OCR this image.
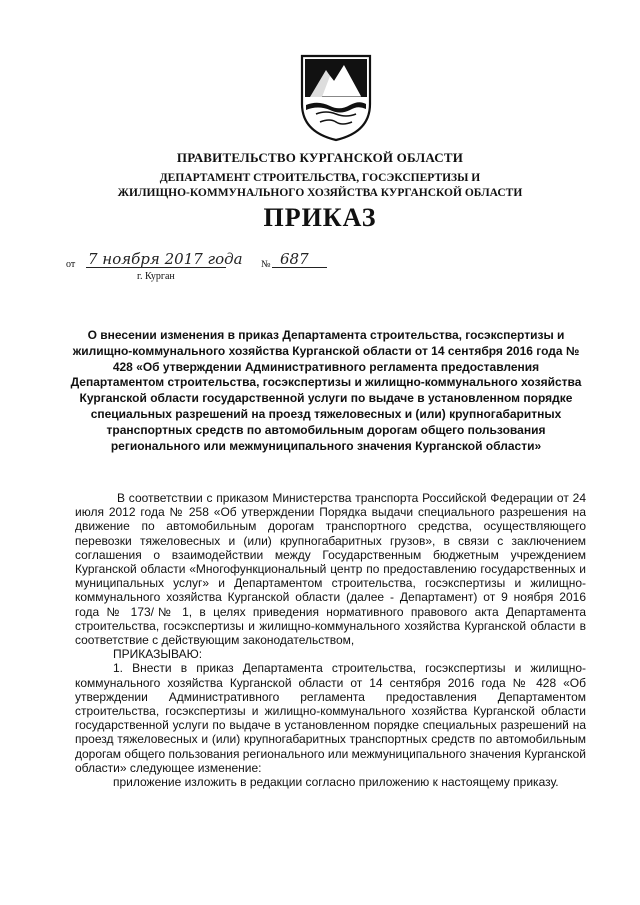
ПРАВИТЕЛЬСТВО КУРГАНСКОЙ ОБЛАСТИ
ДЕПАРТАМЕНТ СТРОИТЕЛЬСТВА, ГОСЭКСПЕРТИЗЫ И
ЖИЛИЩНО-КОММУНАЛЬНОГО ХОЗЯЙСТВА КУРГАНСКОЙ ОБЛАСТИ
ПРИКАЗ
от 7 ноября 2017 года № 687
г. Курган
О внесении изменения в приказ Департамента строительства, госэкспертизы и жилищно-коммунального хозяйства Курганской области от 14 сентября 2016 года № 428 «Об утверждении Административного регламента предоставления Департаментом строительства, госэкспертизы и жилищно-коммунального хозяйства Курганской области государственной услуги по выдаче в установленном порядке специальных разрешений на проезд тяжеловесных и (или) крупногабаритных транспортных средств по автомобильным дорогам общего пользования регионального или межмуниципального значения Курганской области»

В соответствии с приказом Министерства транспорта Российской Федерации от 24 июля 2012 года № 258 «Об утверждении Порядка выдачи специального разрешения на движение по автомобильным дорогам транспортного средства, осуществляющего перевозки тяжеловесных и (или) крупногабаритных грузов», в связи с заключением соглашения о взаимодействии между Государственным бюджетным учреждением Курганской области «Многофункциональный центр по предоставлению государственных и муниципальных услуг» и Департаментом строительства, госэкспертизы и жилищно-коммунального хозяйства Курганской области (далее - Департамент) от 9 ноября 2016 года № 173/№ 1, в целях приведения нормативного правового акта Департамента строительства, госэкспертизы и жилищно-коммунального хозяйства Курганской области в соответствие с действующим законодательством,

ПРИКАЗЫВАЮ:

1. Внести в приказ Департамента строительства, госэкспертизы и жилищно-коммунального хозяйства Курганской области от 14 сентября 2016 года № 428 «Об утверждении Административного регламента предоставления Департаментом строительства, госэкспертизы и жилищно-коммунального хозяйства Курганской области государственной услуги по выдаче в установленном порядке специальных разрешений на проезд тяжеловесных и (или) крупногабаритных транспортных средств по автомобильным дорогам общего пользования регионального или межмуниципального значения Курганской области» следующее изменение:

приложение изложить в редакции согласно приложению к настоящему приказу.
